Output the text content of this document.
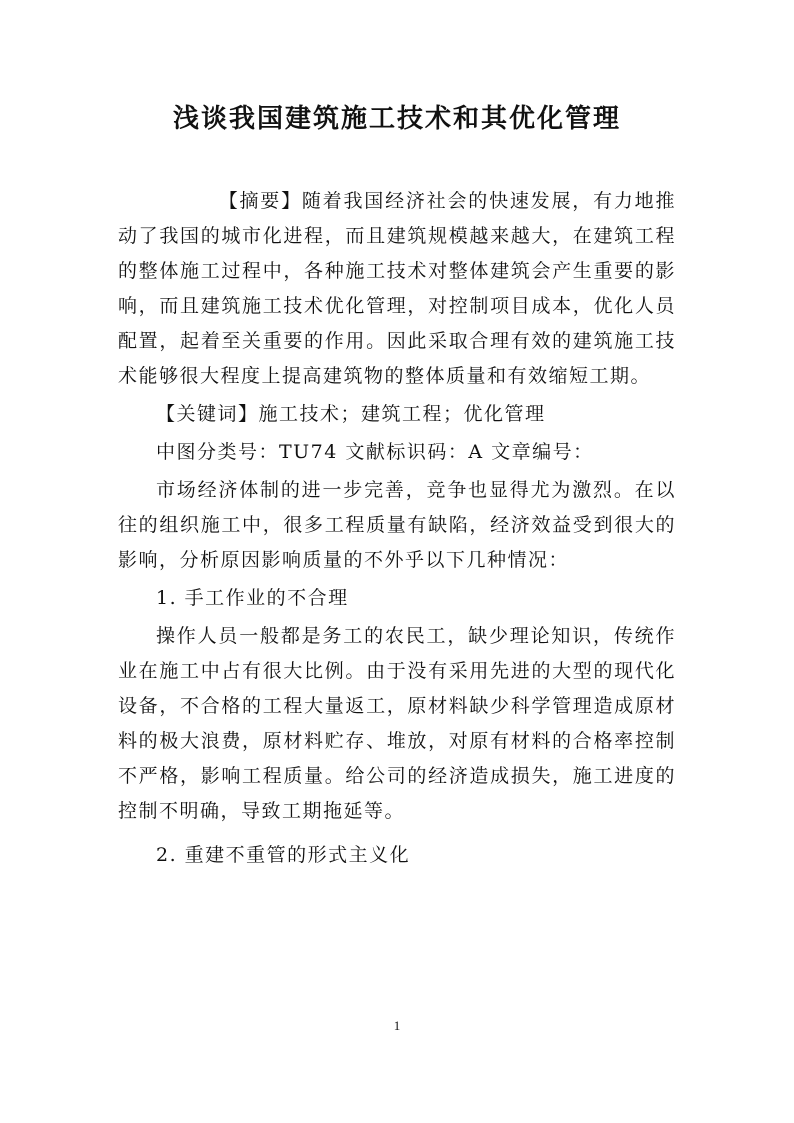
浅谈我国建筑施工技术和其优化管理

【摘要】随着我国经济社会的快速发展，有力地推动了我国的城市化进程，而且建筑规模越来越大，在建筑工程的整体施工过程中，各种施工技术对整体建筑会产生重要的影响，而且建筑施工技术优化管理，对控制项目成本，优化人员配置，起着至关重要的作用。因此采取合理有效的建筑施工技术能够很大程度上提高建筑物的整体质量和有效缩短工期。

【关键词】施工技术；建筑工程；优化管理

中图分类号：TU74 文献标识码：A 文章编号：

市场经济体制的进一步完善，竞争也显得尤为激烈。在以往的组织施工中，很多工程质量有缺陷，经济效益受到很大的影响，分析原因影响质量的不外乎以下几种情况：

1. 手工作业的不合理

操作人员一般都是务工的农民工，缺少理论知识，传统作业在施工中占有很大比例。由于没有采用先进的大型的现代化设备，不合格的工程大量返工，原材料缺少科学管理造成原材料的极大浪费，原材料贮存、堆放，对原有材料的合格率控制不严格，影响工程质量。给公司的经济造成损失，施工进度的控制不明确，导致工期拖延等。

2. 重建不重管的形式主义化

1
